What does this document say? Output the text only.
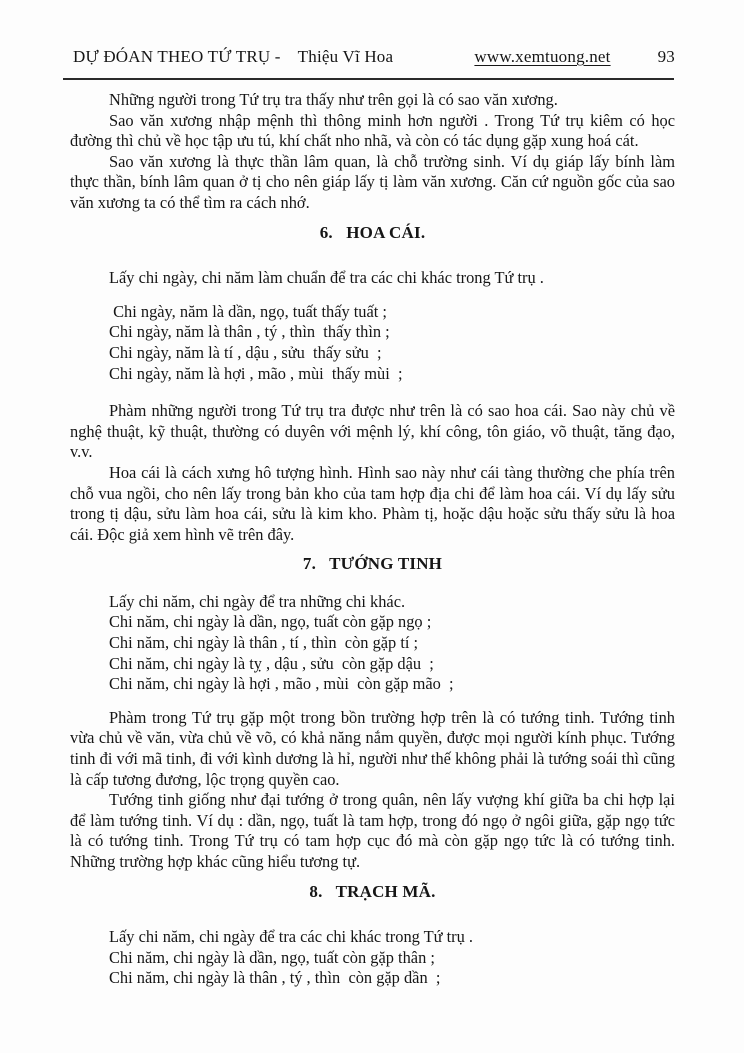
DỰ ĐÓAN THEO TỨ TRỤ - Thiệu Vĩ Hoa	www.xemtuong.net	93

Những người trong Tứ trụ tra thấy như trên gọi là có sao văn xương.

Sao văn xương nhập mệnh thì thông minh hơn người . Trong Tứ trụ kiêm có học đường thì chủ về học tập ưu tú, khí chất nho nhã, và còn có tác dụng gặp xung hoá cát.

Sao văn xương là thực thần lâm quan, là chỗ trường sinh. Ví dụ giáp lấy bính làm thực thần, bính lâm quan ở tị cho nên giáp lấy tị làm văn xương. Căn cứ nguồn gốc của sao văn xương ta có thể tìm ra cách nhớ.

6.   HOA CÁI.

Lấy chi ngày, chi năm làm chuẩn để tra các chi khác trong Tứ trụ .

Chi ngày, năm là dần, ngọ, tuất thấy tuất ;
Chi ngày, năm là thân , tý , thìn  thấy thìn ;
Chi ngày, năm là tí , dậu , sửu  thấy sửu  ;
Chi ngày, năm là hợi , mão , mùi  thấy mùi  ;

Phàm những người trong Tứ trụ tra được như trên là có sao hoa cái. Sao này chủ về nghệ thuật, kỹ thuật, thường có duyên với mệnh lý, khí công, tôn giáo, võ thuật, tăng đạo, v.v.

Hoa cái là cách xưng hô tượng hình. Hình sao này như cái tàng thường che phía trên chỗ vua ngồi, cho nên lấy trong bản kho của tam hợp địa chi để làm hoa cái. Ví dụ lấy sửu trong tị dậu, sửu làm hoa cái, sửu là kim kho. Phàm tị, hoặc dậu hoặc sửu thấy sửu là hoa cái. Độc giả xem hình vẽ trên đây.

7.   TƯỚNG TINH
Lấy chi năm, chi ngày để tra những chi khác.
Chi năm, chi ngày là dần, ngọ, tuất còn gặp ngọ ;
Chi năm, chi ngày là thân , tí , thìn  còn gặp tí ;
Chi năm, chi ngày là tỵ , dậu , sửu  còn gặp dậu  ;
Chi năm, chi ngày là hợi , mão , mùi  còn gặp mão  ;

Phàm trong Tứ trụ gặp một trong bồn trường hợp trên là có tướng tinh. Tướng tinh vừa chủ về văn, vừa chủ về võ, có khả năng nắm quyền, được mọi người kính phục. Tướng tinh đi với mã tinh, đi với kình dương là hỉ, người như thế không phải là tướng soái thì cũng là cấp tương đương, lộc trọng quyền cao.

Tướng tinh giống như đại tướng ở trong quân, nên lấy vượng khí giữa ba chi hợp lại để làm tướng tinh. Ví dụ : dần, ngọ, tuất là tam hợp, trong đó ngọ ở ngôi giữa, gặp ngọ tức là có tướng tinh. Trong Tứ trụ có tam hợp cục đó mà còn gặp ngọ tức là có tướng tinh. Những trường hợp khác cũng hiểu tương tự.

8.   TRẠCH MÃ.
Lấy chi năm, chi ngày để tra các chi khác trong Tứ trụ .
Chi năm, chi ngày là dần, ngọ, tuất còn gặp thân ;
Chi năm, chi ngày là thân , tý , thìn  còn gặp dần  ;
